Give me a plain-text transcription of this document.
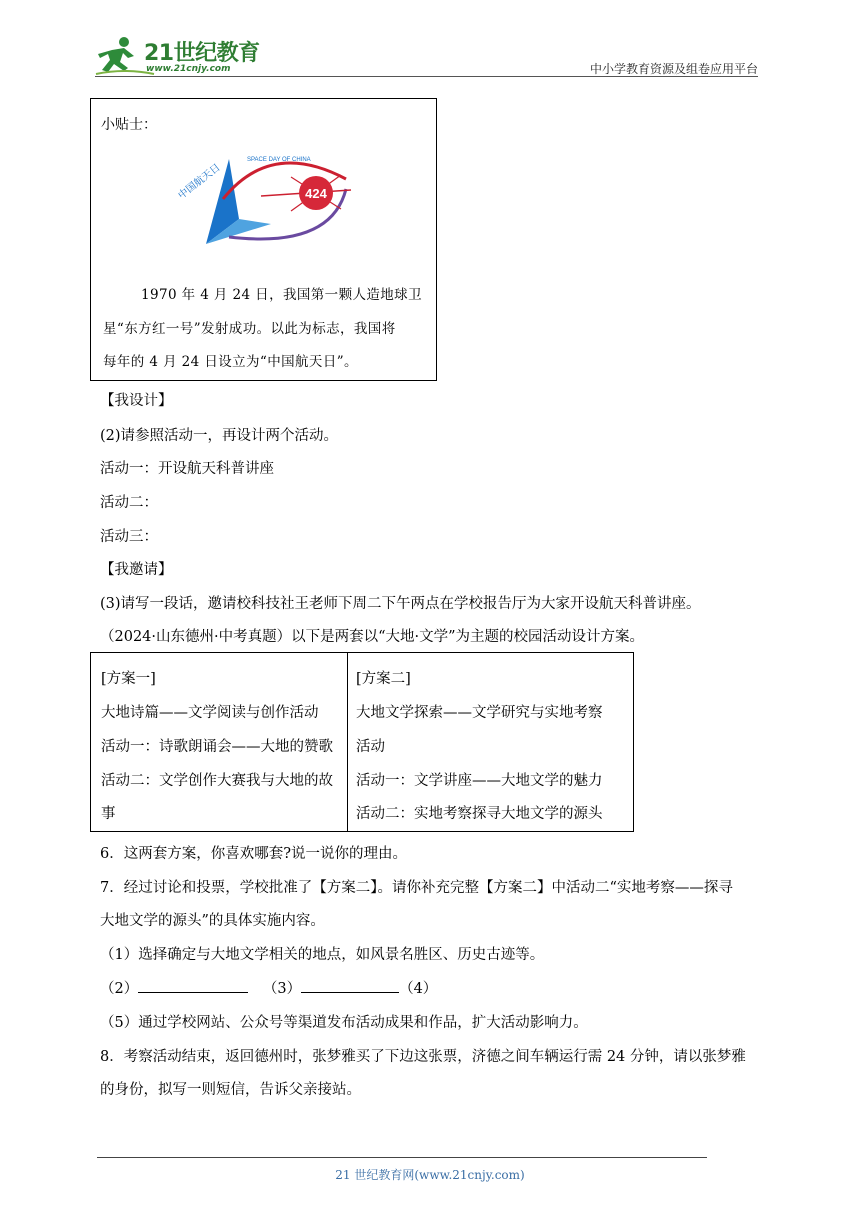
21世纪教育
www.21cnjy.com	中小学教育资源及组卷应用平台
小贴士：
424
SPACE DAY OF CHINA
中国航天日
1970 年 4 月 24 日，我国第一颗人造地球卫
星“东方红一号”发射成功。以此为标志，我国将
每年的 4 月 24 日设立为“中国航天日”。
【我设计】
(2)请参照活动一，再设计两个活动。
活动一：开设航天科普讲座
活动二：
活动三：
【我邀请】
(3)请写一段话，邀请校科技社王老师下周二下午两点在学校报告厅为大家开设航天科普讲座。
（2024·山东德州·中考真题）以下是两套以“大地·文学”为主题的校园活动设计方案。
[方案一]
大地诗篇——文学阅读与创作活动
活动一：诗歌朗诵会——大地的赞歌
活动二：文学创作大赛我与大地的故
事
[方案二]
大地文学探索——文学研究与实地考察
活动
活动一：文学讲座——大地文学的魅力
活动二：实地考察探寻大地文学的源头
6．这两套方案，你喜欢哪套?说一说你的理由。
7．经过讨论和投票，学校批准了【方案二】。请你补充完整【方案二】中活动二“实地考察——探寻
大地文学的源头”的具体实施内容。
（1）选择确定与大地文学相关的地点，如风景名胜区、历史古迹等。
（2）	（3）	（4）
（5）通过学校网站、公众号等渠道发布活动成果和作品，扩大活动影响力。
8．考察活动结束，返回德州时，张梦雅买了下边这张票，济德之间车辆运行需 24 分钟，请以张梦雅
的身份，拟写一则短信，告诉父亲接站。
21 世纪教育网(www.21cnjy.com)
